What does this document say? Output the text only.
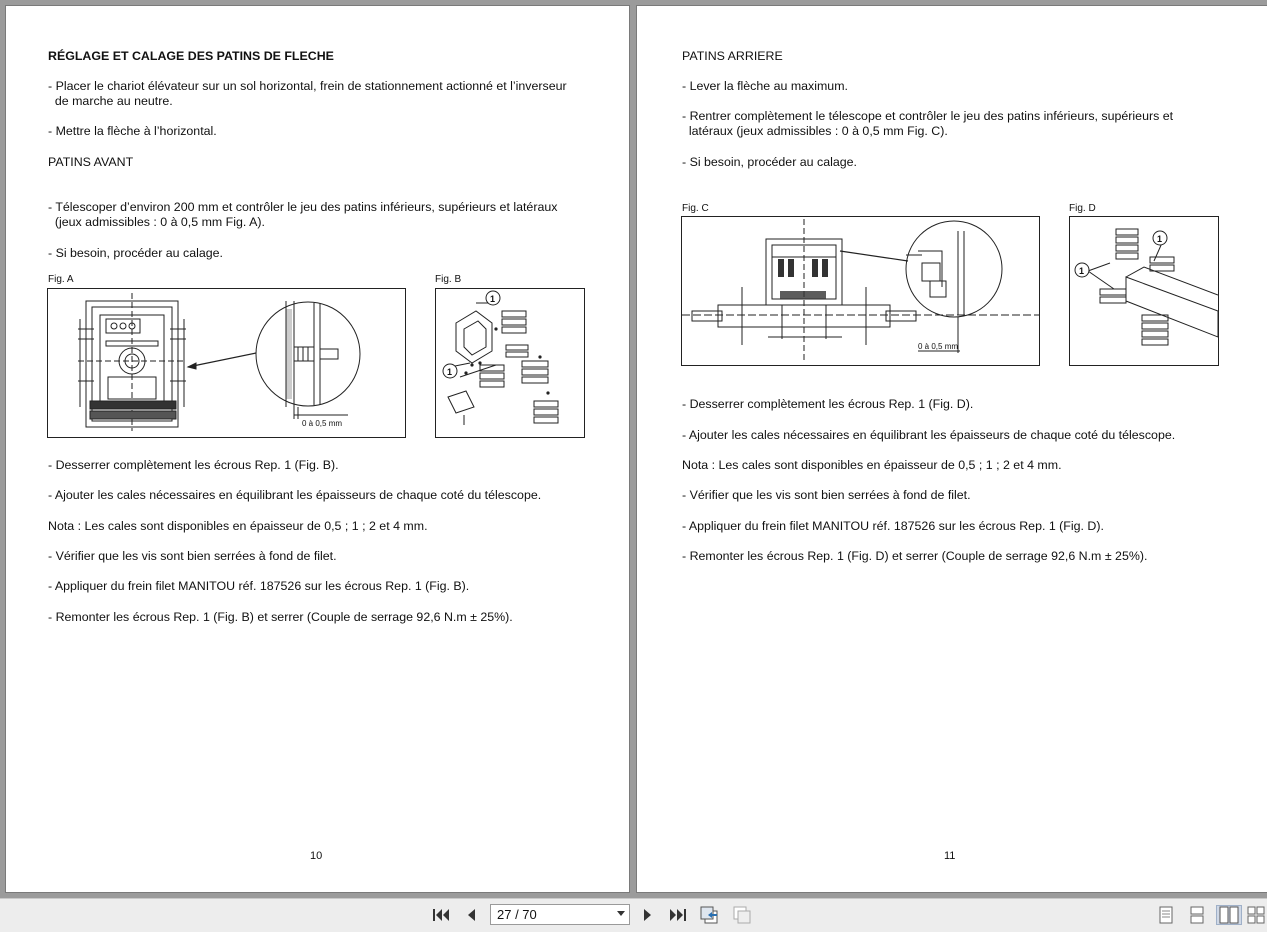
RÉGLAGE ET CALAGE DES PATINS DE FLECHE
- Placer le chariot élévateur sur un sol horizontal, frein de stationnement actionné et l’inverseur
de marche au neutre.
- Mettre la flèche à l’horizontal.
PATINS AVANT
- Télescoper d’environ 200 mm et contrôler le jeu des patins inférieurs, supérieurs et latéraux
(jeux admissibles : 0 à 0,5 mm Fig. A).
- Si besoin, procéder au calage.
Fig. A	Fig. B
0 à 0,5 mm
1
1
- Desserrer complètement les écrous Rep. 1 (Fig. B).
- Ajouter les cales nécessaires en équilibrant les épaisseurs de chaque coté du télescope.
Nota : Les cales sont disponibles en épaisseur de 0,5 ; 1 ; 2 et 4 mm.
- Vérifier que les vis sont bien serrées à fond de filet.
- Appliquer du frein filet MANITOU réf. 187526 sur les écrous Rep. 1 (Fig. B).
- Remonter les écrous Rep. 1 (Fig. B) et serrer (Couple de serrage 92,6 N.m ± 25%).
10
PATINS ARRIERE
- Lever la flèche au maximum.
- Rentrer complètement le télescope et contrôler le jeu des patins inférieurs, supérieurs et
latéraux (jeux admissibles : 0 à 0,5 mm Fig. C).
- Si besoin, procéder au calage.
Fig. C	Fig. D
0 à 0,5 mm
1
1
- Desserrer complètement les écrous Rep. 1 (Fig. D).
- Ajouter les cales nécessaires en équilibrant les épaisseurs de chaque coté du télescope.
Nota : Les cales sont disponibles en épaisseur de 0,5 ; 1 ; 2 et 4 mm.
- Vérifier que les vis sont bien serrées à fond de filet.
- Appliquer du frein filet MANITOU réf. 187526 sur les écrous Rep. 1 (Fig. D).
- Remonter les écrous Rep. 1 (Fig. D) et serrer (Couple de serrage 92,6 N.m ± 25%).
11
27 / 70
